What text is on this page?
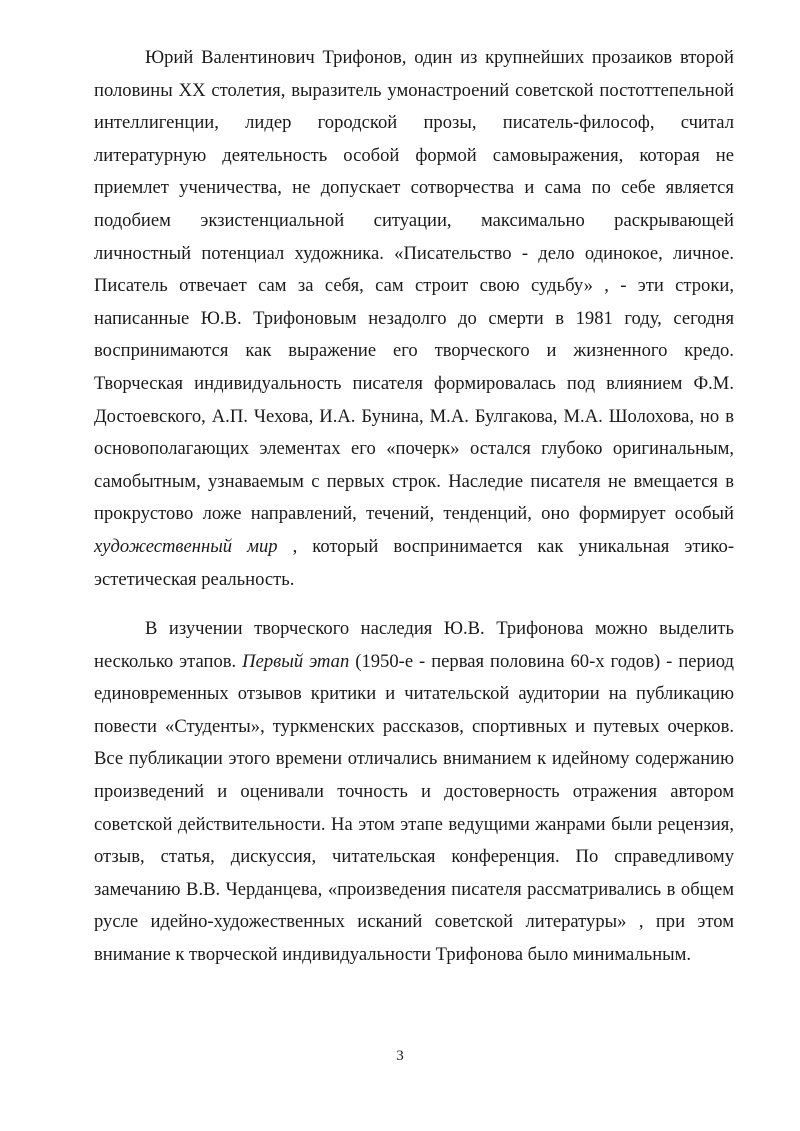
Юрий Валентинович Трифонов, один из крупнейших прозаиков второй половины ХХ столетия, выразитель умонастроений советской постоттепельной интеллигенции, лидер городской прозы, писатель-философ, считал литературную деятельность особой формой самовыражения, которая не приемлет ученичества, не допускает сотворчества и сама по себе является подобием экзистенциальной ситуации, максимально раскрывающей личностный потенциал художника. «Писательство - дело одинокое, личное. Писатель отвечает сам за себя, сам строит свою судьбу» , - эти строки, написанные Ю.В. Трифоновым незадолго до смерти в 1981 году, сегодня воспринимаются как выражение его творческого и жизненного кредо. Творческая индивидуальность писателя формировалась под влиянием Ф.М. Достоевского, А.П. Чехова, И.А. Бунина, М.А. Булгакова, М.А. Шолохова, но в основополагающих элементах его «почерк» остался глубоко оригинальным, самобытным, узнаваемым с первых строк. Наследие писателя не вмещается в прокрустово ложе направлений, течений, тенденций, оно формирует особый художественный мир , который воспринимается как уникальная этико-эстетическая реальность.

В изучении творческого наследия Ю.В. Трифонова можно выделить несколько этапов. Первый этап (1950-е - первая половина 60-х годов) - период единовременных отзывов критики и читательской аудитории на публикацию повести «Студенты», туркменских рассказов, спортивных и путевых очерков. Все публикации этого времени отличались вниманием к идейному содержанию произведений и оценивали точность и достоверность отражения автором советской действительности. На этом этапе ведущими жанрами были рецензия, отзыв, статья, дискуссия, читательская конференция. По справедливому замечанию В.В. Черданцева, «произведения писателя рассматривались в общем русле идейно-художественных исканий советской литературы» , при этом внимание к творческой индивидуальности Трифонова было минимальным.

3
